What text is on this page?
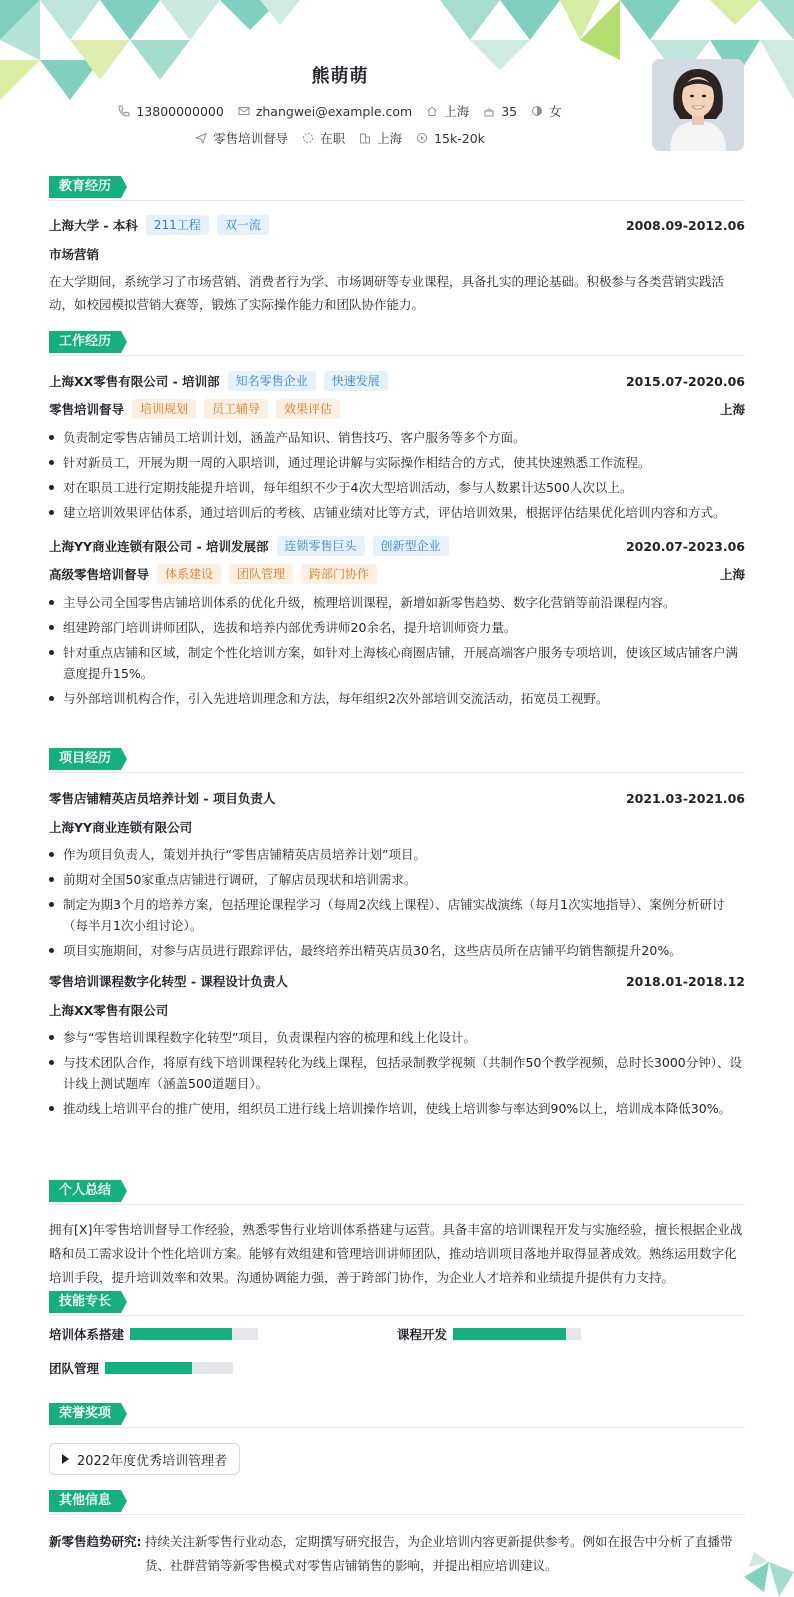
熊萌萌
13800000000	zhangwei@example.com	上海	35	女
零售培训督导	在职	上海	15k-20k
教育经历
上海大学 - 本科	211工程	双一流	2008.09-2012.06
市场营销
在大学期间，系统学习了市场营销、消费者行为学、市场调研等专业课程，具备扎实的理论基础。积极参与各类营销实践活动，如校园模拟营销大赛等，锻炼了实际操作能力和团队协作能力。
工作经历
上海XX零售有限公司 - 培训部	知名零售企业	快速发展	2015.07-2020.06
零售培训督导	培训规划	员工辅导	效果评估	上海
负责制定零售店铺员工培训计划，涵盖产品知识、销售技巧、客户服务等多个方面。
针对新员工，开展为期一周的入职培训，通过理论讲解与实际操作相结合的方式，使其快速熟悉工作流程。
对在职员工进行定期技能提升培训，每年组织不少于4次大型培训活动，参与人数累计达500人次以上。
建立培训效果评估体系，通过培训后的考核、店铺业绩对比等方式，评估培训效果，根据评估结果优化培训内容和方式。
上海YY商业连锁有限公司 - 培训发展部	连锁零售巨头	创新型企业	2020.07-2023.06
高级零售培训督导	体系建设	团队管理	跨部门协作	上海
主导公司全国零售店铺培训体系的优化升级，梳理培训课程，新增如新零售趋势、数字化营销等前沿课程内容。
组建跨部门培训讲师团队，选拔和培养内部优秀讲师20余名，提升培训师资力量。
针对重点店铺和区域，制定个性化培训方案，如针对上海核心商圈店铺，开展高端客户服务专项培训，使该区域店铺客户满意度提升15%。
与外部培训机构合作，引入先进培训理念和方法，每年组织2次外部培训交流活动，拓宽员工视野。
项目经历
零售店铺精英店员培养计划 - 项目负责人	2021.03-2021.06
上海YY商业连锁有限公司
作为项目负责人，策划并执行“零售店铺精英店员培养计划”项目。
前期对全国50家重点店铺进行调研，了解店员现状和培训需求。
制定为期3个月的培养方案，包括理论课程学习（每周2次线上课程）、店铺实战演练（每月1次实地指导）、案例分析研讨（每半月1次小组讨论）。
项目实施期间，对参与店员进行跟踪评估，最终培养出精英店员30名，这些店员所在店铺平均销售额提升20%。
零售培训课程数字化转型 - 课程设计负责人	2018.01-2018.12
上海XX零售有限公司
参与“零售培训课程数字化转型”项目，负责课程内容的梳理和线上化设计。
与技术团队合作，将原有线下培训课程转化为线上课程，包括录制教学视频（共制作50个教学视频，总时长3000分钟）、设计线上测试题库（涵盖500道题目）。
推动线上培训平台的推广使用，组织员工进行线上培训操作培训，使线上培训参与率达到90%以上，培训成本降低30%。
个人总结
拥有[X]年零售培训督导工作经验，熟悉零售行业培训体系搭建与运营。具备丰富的培训课程开发与实施经验，擅长根据企业战略和员工需求设计个性化培训方案。能够有效组建和管理培训讲师团队，推动培训项目落地并取得显著成效。熟练运用数字化培训手段，提升培训效率和效果。沟通协调能力强，善于跨部门协作，为企业人才培养和业绩提升提供有力支持。
技能专长
培训体系搭建	课程开发
团队管理
荣誉奖项
2022年度优秀培训管理者
其他信息
新零售趋势研究: 持续关注新零售行业动态，定期撰写研究报告，为企业培训内容更新提供参考。例如在报告中分析了直播带货、社群营销等新零售模式对零售店铺销售的影响，并提出相应培训建议。
